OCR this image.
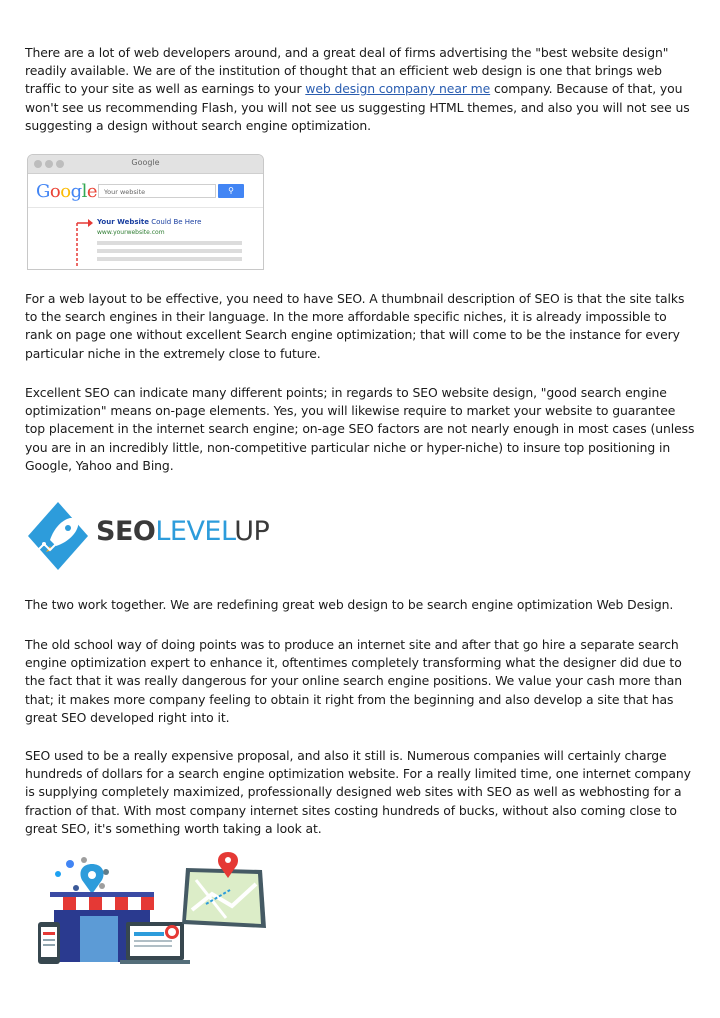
There are a lot of web developers around, and a great deal of firms advertising the "best website design" readily available. We are of the institution of thought that an efficient web design is one that brings web traffic to your site as well as earnings to your web design company near me company. Because of that, you won't see us recommending Flash, you will not see us suggesting HTML themes, and also you will not see us suggesting a design without search engine optimization.

Google
Google	Your website	⚲
Your Website Could Be Here
www.yourwebsite.com

For a web layout to be effective, you need to have SEO. A thumbnail description of SEO is that the site talks to the search engines in their language. In the more affordable specific niches, it is already impossible to rank on page one without excellent Search engine optimization; that will come to be the instance for every particular niche in the extremely close to future.

Excellent SEO can indicate many different points; in regards to SEO website design, "good search engine optimization" means on-page elements. Yes, you will likewise require to market your website to guarantee top placement in the internet search engine; on-age SEO factors are not nearly enough in most cases (unless you are in an incredibly little, non-competitive particular niche or hyper-niche) to insure top positioning in Google, Yahoo and Bing.

SEOLEVELUP

The two work together. We are redefining great web design to be search engine optimization Web Design.

The old school way of doing points was to produce an internet site and after that go hire a separate search engine optimization expert to enhance it, oftentimes completely transforming what the designer did due to the fact that it was really dangerous for your online search engine positions. We value your cash more than that; it makes more company feeling to obtain it right from the beginning and also develop a site that has great SEO developed right into it.

SEO used to be a really expensive proposal, and also it still is. Numerous companies will certainly charge hundreds of dollars for a search engine optimization website. For a really limited time, one internet company is supplying completely maximized, professionally designed web sites with SEO as well as webhosting for a fraction of that. With most company internet sites costing hundreds of bucks, without also coming close to great SEO, it's something worth taking a look at.
